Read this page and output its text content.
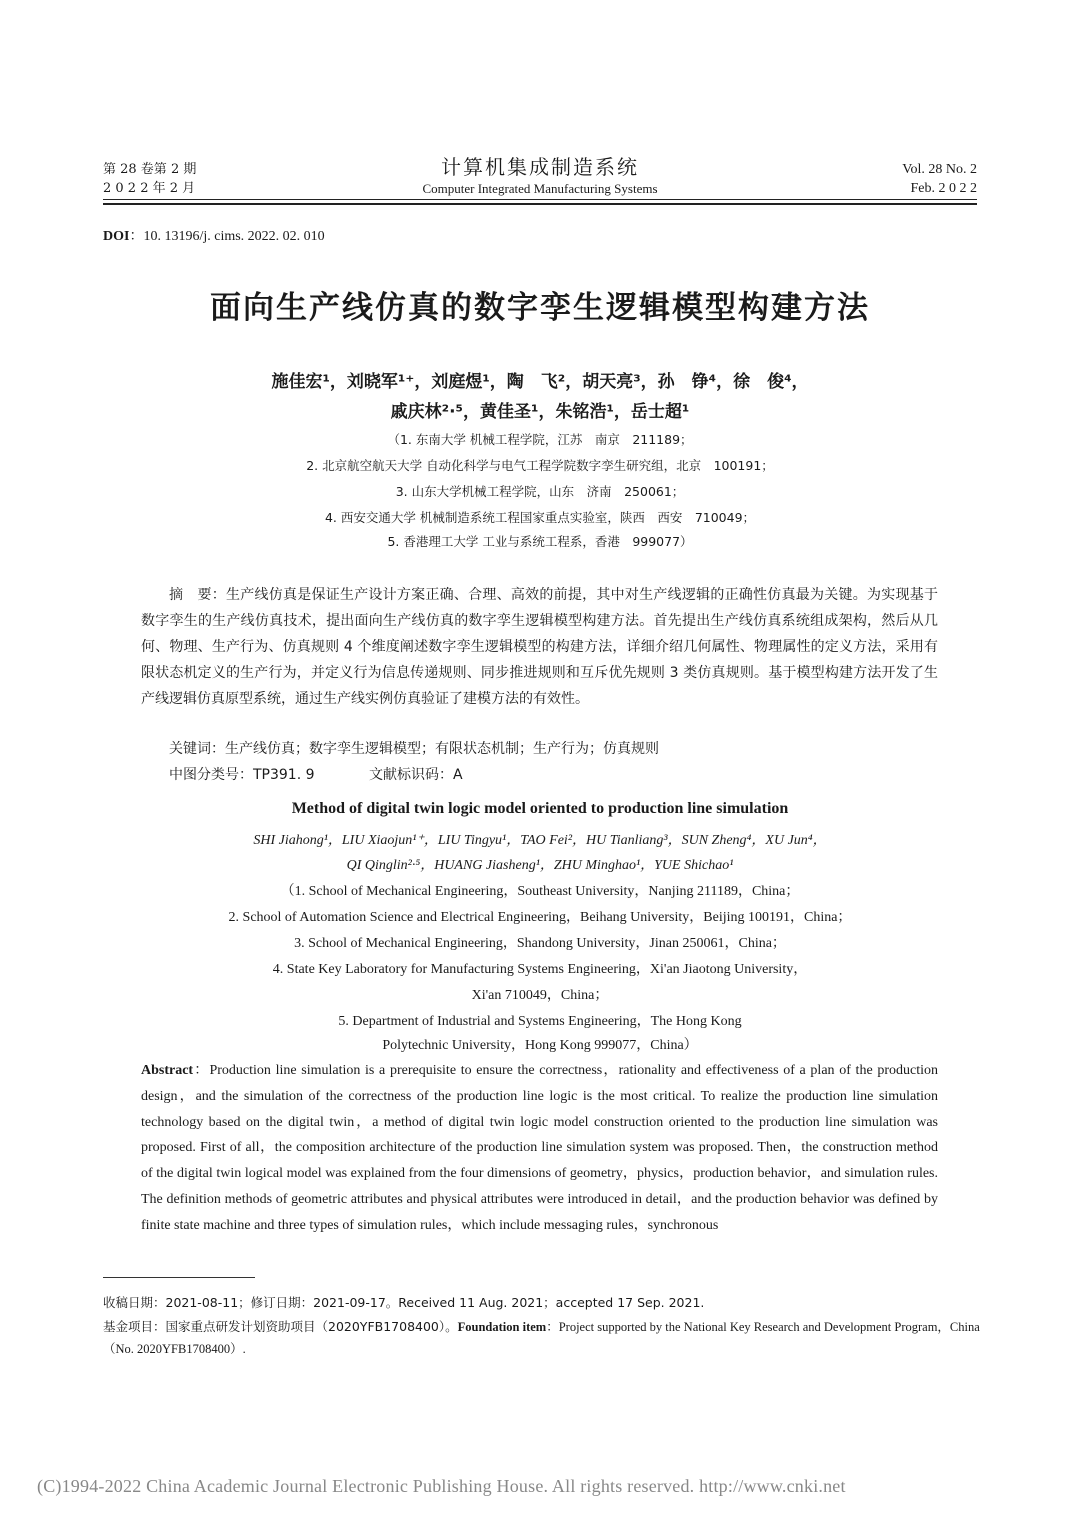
第 28 卷第 2 期
2 0 2 2 年 2 月
计算机集成制造系统
Computer Integrated Manufacturing Systems
Vol. 28 No. 2
Feb. 2 0 2 2
DOI：10. 13196/j. cims. 2022. 02. 010
面向生产线仿真的数字孪生逻辑模型构建方法
施佳宏¹，刘晓军¹⁺，刘庭煜¹，陶　飞²，胡天亮³，孙　铮⁴，徐　俊⁴，
戚庆林²·⁵，黄佳圣¹，朱铭浩¹，岳士超¹
（1. 东南大学 机械工程学院，江苏　南京　211189；
2. 北京航空航天大学 自动化科学与电气工程学院数字孪生研究组，北京　100191；
3. 山东大学机械工程学院，山东　济南　250061；
4. 西安交通大学 机械制造系统工程国家重点实验室，陕西　西安　710049；
5. 香港理工大学 工业与系统工程系，香港　999077）
摘　要：生产线仿真是保证生产设计方案正确、合理、高效的前提，其中对生产线逻辑的正确性仿真最为关键。为实现基于数字孪生的生产线仿真技术，提出面向生产线仿真的数字孪生逻辑模型构建方法。首先提出生产线仿真系统组成架构，然后从几何、物理、生产行为、仿真规则 4 个维度阐述数字孪生逻辑模型的构建方法，详细介绍几何属性、物理属性的定义方法，采用有限状态机定义的生产行为，并定义行为信息传递规则、同步推进规则和互斥优先规则 3 类仿真规则。基于模型构建方法开发了生产线逻辑仿真原型系统，通过生产线实例仿真验证了建模方法的有效性。
关键词：生产线仿真；数字孪生逻辑模型；有限状态机制；生产行为；仿真规则
中图分类号：TP391. 9	文献标识码：A
Method of digital twin logic model oriented to production line simulation
SHI Jiahong¹，LIU Xiaojun¹⁺，LIU Tingyu¹，TAO Fei²，HU Tianliang³，SUN Zheng⁴，XU Jun⁴，
QI Qinglin²·⁵，HUANG Jiasheng¹，ZHU Minghao¹，YUE Shichao¹
（1. School of Mechanical Engineering，Southeast University，Nanjing 211189，China；
2. School of Automation Science and Electrical Engineering，Beihang University，Beijing 100191，China；
3. School of Mechanical Engineering，Shandong University，Jinan 250061，China；
4. State Key Laboratory for Manufacturing Systems Engineering，Xi'an Jiaotong University，
Xi'an 710049，China；
5. Department of Industrial and Systems Engineering，The Hong Kong
Polytechnic University，Hong Kong 999077，China）
Abstract：Production line simulation is a prerequisite to ensure the correctness，rationality and effectiveness of a plan of the production design，and the simulation of the correctness of the production line logic is the most critical. To realize the production line simulation technology based on the digital twin，a method of digital twin logic model construction oriented to the production line simulation was proposed. First of all，the composition architecture of the production line simulation system was proposed. Then，the construction method of the digital twin logical model was explained from the four dimensions of geometry，physics，production behavior，and simulation rules. The definition methods of geometric attributes and physical attributes were introduced in detail，and the production behavior was defined by finite state machine and three types of simulation rules，which include messaging rules，synchronous
收稿日期：2021-08-11；修订日期：2021-09-17。Received 11 Aug. 2021；accepted 17 Sep. 2021.
基金项目：国家重点研发计划资助项目（2020YFB1708400）。Foundation item：Project supported by the National Key Research and Development Program，China（No. 2020YFB1708400）.
(C)1994-2022 China Academic Journal Electronic Publishing House. All rights reserved. http://www.cnki.net
